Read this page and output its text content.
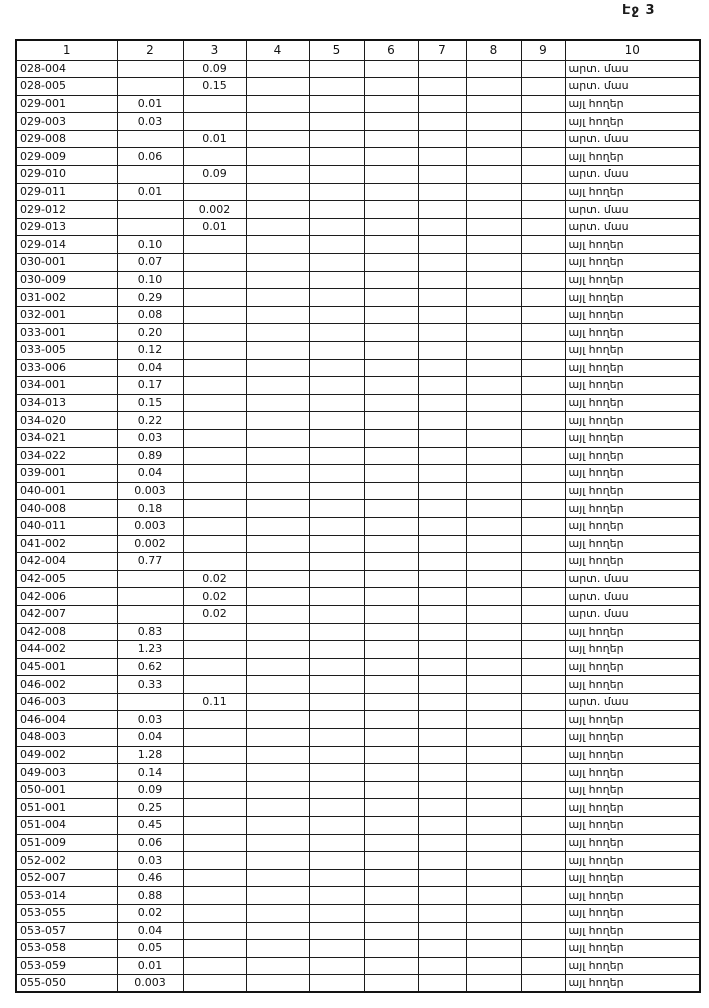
Էջ 3
1	2	3	4	5	6	7	8	9	10
028-004		0.09							արտ. մաս
028-005		0.15							արտ. մաս
029-001	0.01								այլ հողեր
029-003	0.03								այլ հողեր
029-008		0.01							արտ. մաս
029-009	0.06								այլ հողեր
029-010		0.09							արտ. մաս
029-011	0.01								այլ հողեր
029-012		0.002							արտ. մաս
029-013		0.01							արտ. մաս
029-014	0.10								այլ հողեր
030-001	0.07								այլ հողեր
030-009	0.10								այլ հողեր
031-002	0.29								այլ հողեր
032-001	0.08								այլ հողեր
033-001	0.20								այլ հողեր
033-005	0.12								այլ հողեր
033-006	0.04								այլ հողեր
034-001	0.17								այլ հողեր
034-013	0.15								այլ հողեր
034-020	0.22								այլ հողեր
034-021	0.03								այլ հողեր
034-022	0.89								այլ հողեր
039-001	0.04								այլ հողեր
040-001	0.003								այլ հողեր
040-008	0.18								այլ հողեր
040-011	0.003								այլ հողեր
041-002	0.002								այլ հողեր
042-004	0.77								այլ հողեր
042-005		0.02							արտ. մաս
042-006		0.02							արտ. մաս
042-007		0.02							արտ. մաս
042-008	0.83								այլ հողեր
044-002	1.23								այլ հողեր
045-001	0.62								այլ հողեր
046-002	0.33								այլ հողեր
046-003		0.11							արտ. մաս
046-004	0.03								այլ հողեր
048-003	0.04								այլ հողեր
049-002	1.28								այլ հողեր
049-003	0.14								այլ հողեր
050-001	0.09								այլ հողեր
051-001	0.25								այլ հողեր
051-004	0.45								այլ հողեր
051-009	0.06								այլ հողեր
052-002	0.03								այլ հողեր
052-007	0.46								այլ հողեր
053-014	0.88								այլ հողեր
053-055	0.02								այլ հողեր
053-057	0.04								այլ հողեր
053-058	0.05								այլ հողեր
053-059	0.01								այլ հողեր
055-050	0.003								այլ հողեր
